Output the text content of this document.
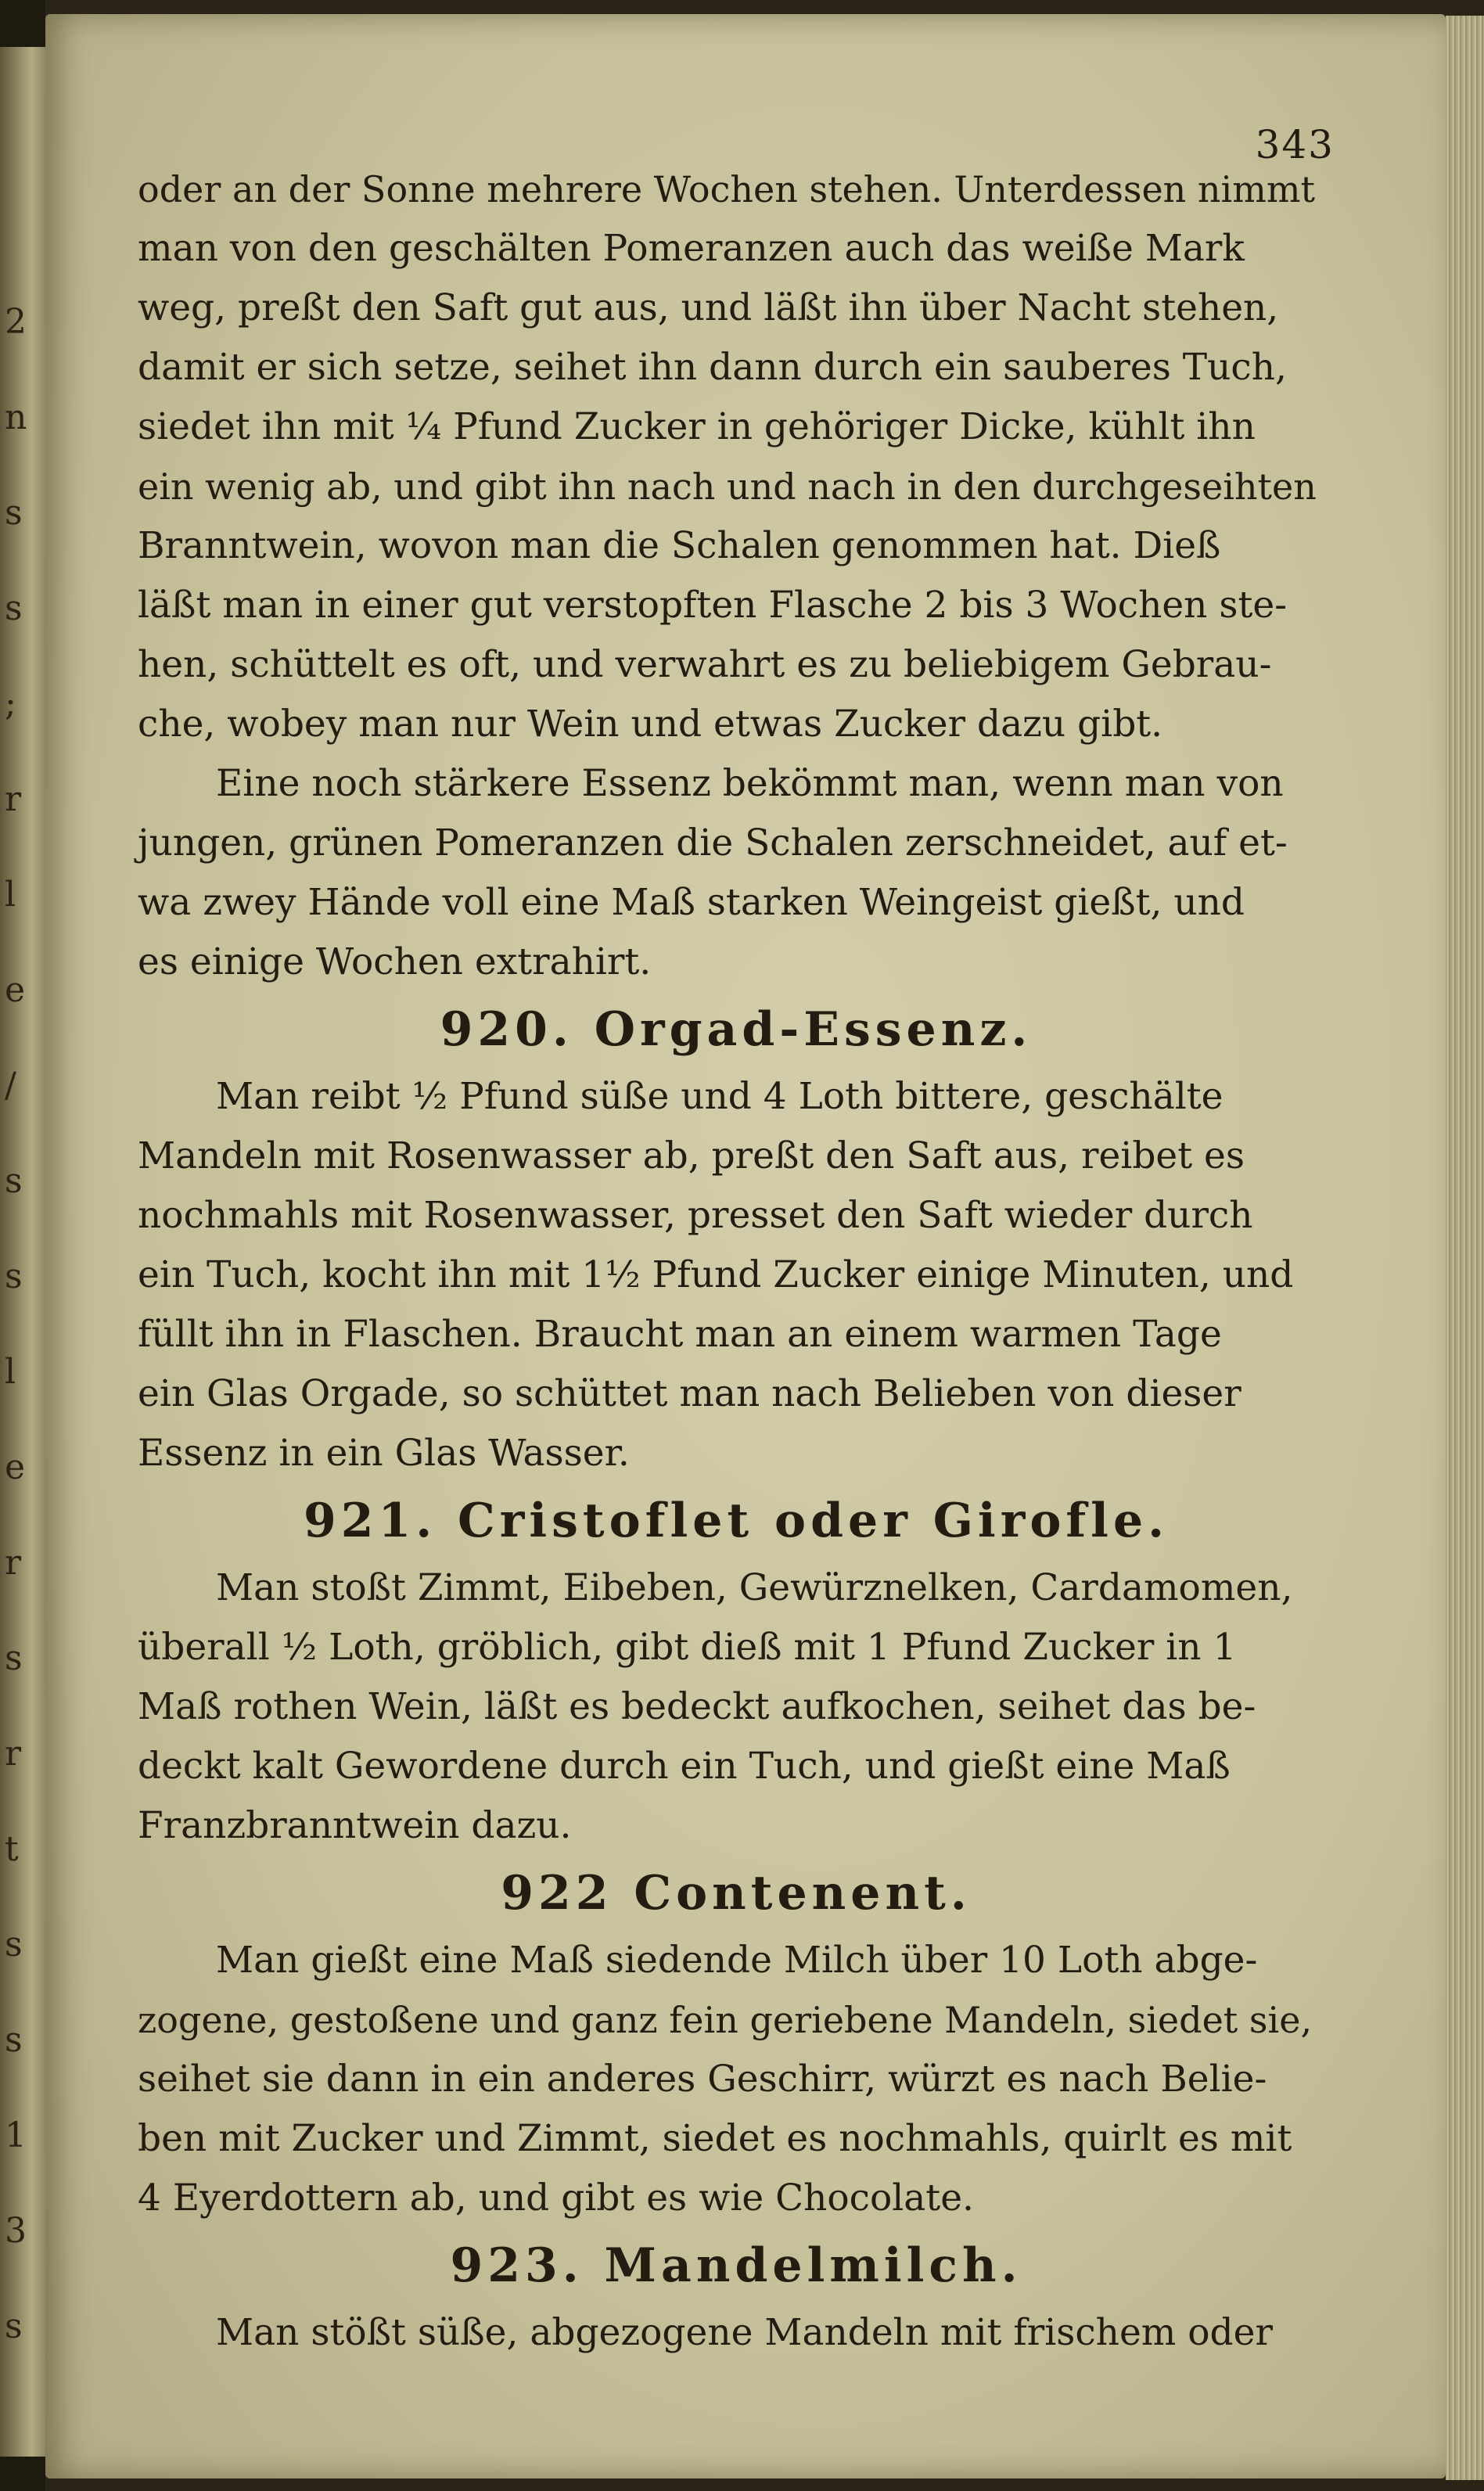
2
n
s
s
;
r
l
e
/
s
s
l
e
r
s
r
t
s
s
1
3
s
343
oder an der Sonne mehrere Wochen stehen. Unterdessen nimmt
man von den geschälten Pomeranzen auch das weiße Mark
weg, preßt den Saft gut aus, und läßt ihn über Nacht stehen,
damit er sich setze, seihet ihn dann durch ein sauberes Tuch,
siedet ihn mit ¼ Pfund Zucker in gehöriger Dicke, kühlt ihn
ein wenig ab, und gibt ihn nach und nach in den durchgeseihten
Branntwein, wovon man die Schalen genommen hat. Dieß
läßt man in einer gut verstopften Flasche 2 bis 3 Wochen ste-
hen, schüttelt es oft, und verwahrt es zu beliebigem Gebrau-
che, wobey man nur Wein und etwas Zucker dazu gibt.
Eine noch stärkere Essenz bekömmt man, wenn man von
jungen, grünen Pomeranzen die Schalen zerschneidet, auf et-
wa zwey Hände voll eine Maß starken Weingeist gießt, und
es einige Wochen extrahirt.
920. Orgad-Essenz.
Man reibt ½ Pfund süße und 4 Loth bittere, geschälte
Mandeln mit Rosenwasser ab, preßt den Saft aus, reibet es
nochmahls mit Rosenwasser, presset den Saft wieder durch
ein Tuch, kocht ihn mit 1½ Pfund Zucker einige Minuten, und
füllt ihn in Flaschen. Braucht man an einem warmen Tage
ein Glas Orgade, so schüttet man nach Belieben von dieser
Essenz in ein Glas Wasser.
921. Cristoflet oder Girofle.
Man stoßt Zimmt, Eibeben, Gewürznelken, Cardamomen,
überall ½ Loth, gröblich, gibt dieß mit 1 Pfund Zucker in 1
Maß rothen Wein, läßt es bedeckt aufkochen, seihet das be-
deckt kalt Gewordene durch ein Tuch, und gießt eine Maß
Franzbranntwein dazu.
922 Contenent.
Man gießt eine Maß siedende Milch über 10 Loth abge-
zogene, gestoßene und ganz fein geriebene Mandeln, siedet sie,
seihet sie dann in ein anderes Geschirr, würzt es nach Belie-
ben mit Zucker und Zimmt, siedet es nochmahls, quirlt es mit
4 Eyerdottern ab, und gibt es wie Chocolate.
923. Mandelmilch.
Man stößt süße, abgezogene Mandeln mit frischem oder
